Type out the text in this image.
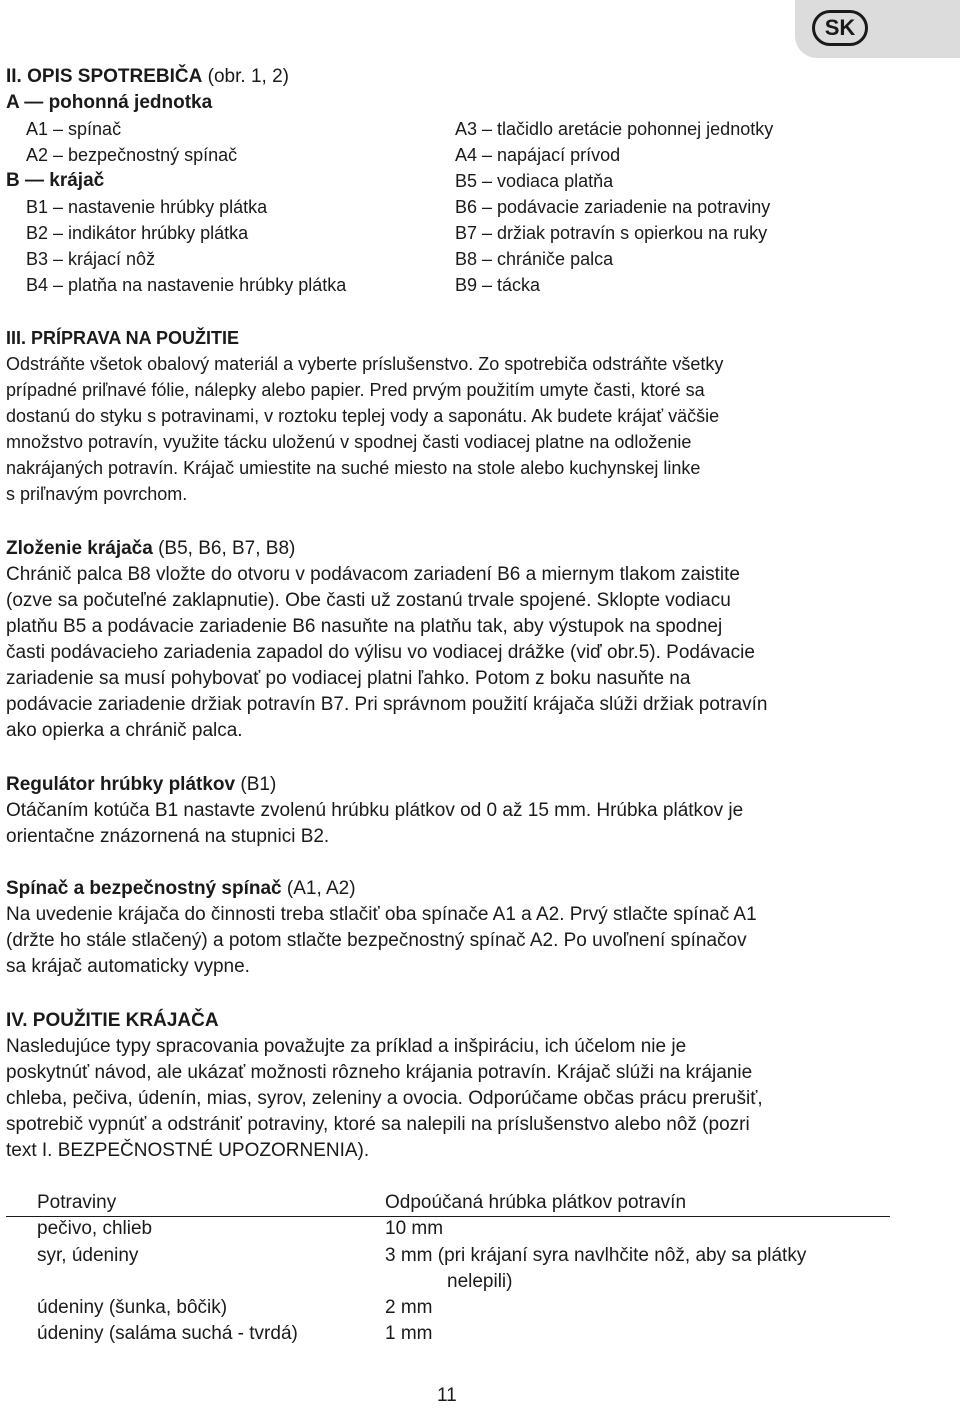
SK
II. OPIS SPOTREBIČA (obr. 1, 2)
A — pohonná jednotka
A1 – spínač
A2 – bezpečnostný spínač
B — krájač
B1 – nastavenie hrúbky plátka
B2 – indikátor hrúbky plátka
B3 – krájací nôž
B4 – platňa na nastavenie hrúbky plátka
A3 – tlačidlo aretácie pohonnej jednotky
A4 – napájací prívod
B5 – vodiaca platňa
B6 – podávacie zariadenie na potraviny
B7 – držiak potravín s opierkou na ruky
B8 – chrániče palca
B9 – tácka
III. PRÍPRAVA NA POUŽITIE
Odstráňte všetok obalový materiál a vyberte príslušenstvo. Zo spotrebiča odstráňte všetky
prípadné priľnavé fólie, nálepky alebo papier. Pred prvým použitím umyte časti, ktoré sa
dostanú do styku s potravinami, v roztoku teplej vody a saponátu. Ak budete krájať väčšie
množstvo potravín, využite tácku uloženú v spodnej časti vodiacej platne na odloženie
nakrájaných potravín. Krájač umiestite na suché miesto na stole alebo kuchynskej linke
s priľnavým povrchom.
Zloženie krájača (B5, B6, B7, B8)
Chránič palca B8 vložte do otvoru v podávacom zariadení B6 a miernym tlakom zaistite
(ozve sa počuteľné zaklapnutie). Obe časti už zostanú trvale spojené. Sklopte vodiacu
platňu B5 a podávacie zariadenie B6 nasuňte na platňu tak, aby výstupok na spodnej
časti podávacieho zariadenia zapadol do výlisu vo vodiacej drážke (viď obr.5). Podávacie
zariadenie sa musí pohybovať po vodiacej platni ľahko. Potom z boku nasuňte na
podávacie zariadenie držiak potravín B7. Pri správnom použití krájača slúži držiak potravín
ako opierka a chránič palca.
Regulátor hrúbky plátkov (B1)
Otáčaním kotúča B1 nastavte zvolenú hrúbku plátkov od 0 až 15 mm. Hrúbka plátkov je
orientačne znázornená na stupnici B2.
Spínač a bezpečnostný spínač (A1, A2)
Na uvedenie krájača do činnosti treba stlačiť oba spínače A1 a A2. Prvý stlačte spínač A1
(držte ho stále stlačený) a potom stlačte bezpečnostný spínač A2. Po uvoľnení spínačov
sa krájač automaticky vypne.
IV. POUŽITIE KRÁJAČA
Nasledujúce typy spracovania považujte za príklad a inšpiráciu, ich účelom nie je
poskytnúť návod, ale ukázať možnosti rôzneho krájania potravín. Krájač slúži na krájanie
chleba, pečiva, údenín, mias, syrov, zeleniny a ovocia. Odporúčame občas prácu prerušiť,
spotrebič vypnúť a odstrániť potraviny, ktoré sa nalepili na príslušenstvo alebo nôž (pozri
text I. BEZPEČNOSTNÉ UPOZORNENIA).
Potraviny	Odpoúčaná hrúbka plátkov potravín
pečivo, chlieb	10 mm
syr, údeniny	3 mm (pri krájaní syra navlhčite nôž, aby sa plátky
nelepili)
údeniny (šunka, bôčik)	2 mm
údeniny (saláma suchá - tvrdá)	1 mm
11
